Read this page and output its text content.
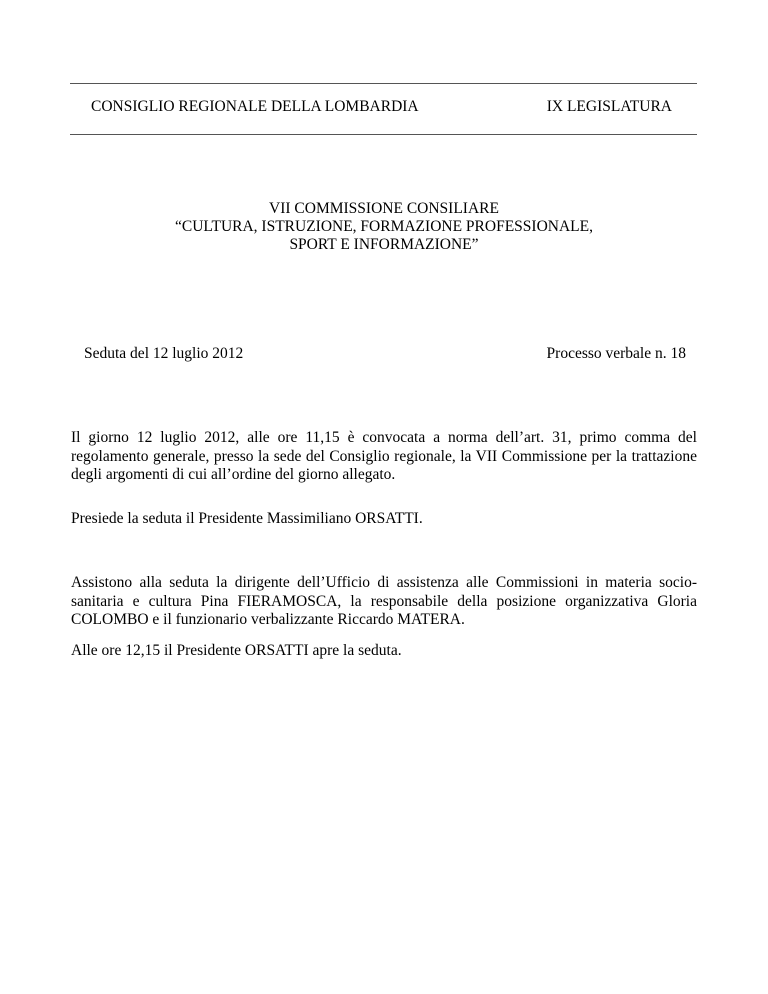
CONSIGLIO REGIONALE DELLA LOMBARDIA	IX LEGISLATURA
VII COMMISSIONE CONSILIARE
“CULTURA, ISTRUZIONE, FORMAZIONE PROFESSIONALE,
SPORT E INFORMAZIONE”
Seduta del 12 luglio 2012	Processo verbale n. 18

Il giorno 12 luglio 2012, alle ore 11,15 è convocata a norma dell’art. 31, primo comma del regolamento generale, presso la sede del Consiglio regionale, la VII Commissione per la trattazione degli argomenti di cui all’ordine del giorno allegato.

Presiede la seduta il Presidente Massimiliano ORSATTI.

Assistono alla seduta la dirigente dell’Ufficio di assistenza alle Commissioni in materia socio-sanitaria e cultura Pina FIERAMOSCA, la responsabile della posizione organizzativa Gloria COLOMBO e il funzionario verbalizzante Riccardo MATERA.

Alle ore 12,15 il Presidente ORSATTI apre la seduta.
